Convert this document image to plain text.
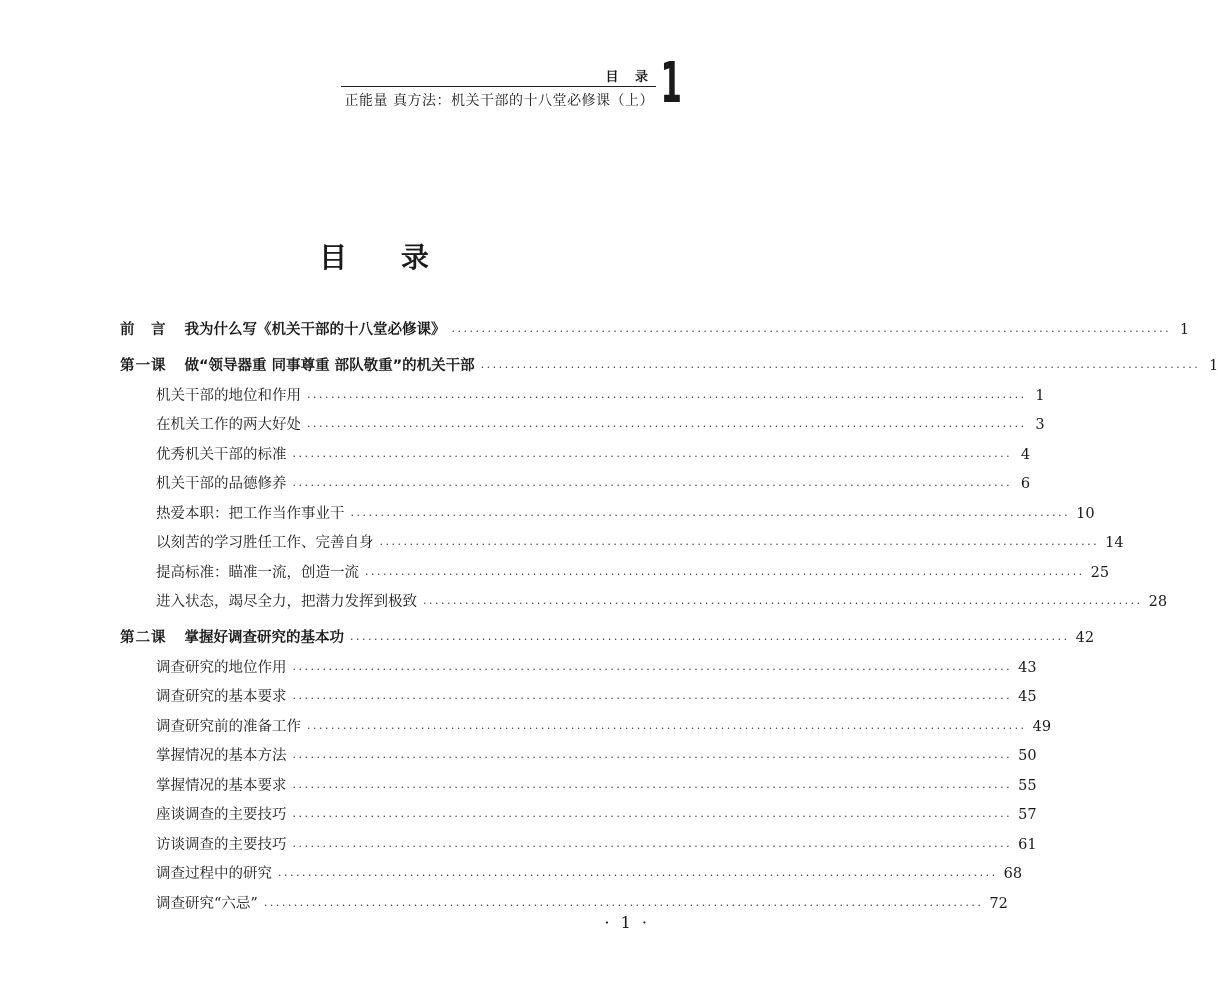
目 录
正能量 真方法：机关干部的十八堂必修课（上） 1
目 录
前　言	我为什么写《机关干部的十八堂必修课》 ························································································································ 1
第一课	做“领导器重 同事尊重 部队敬重”的机关干部 ························································································································ 1
机关干部的地位和作用 ························································································································ 1
在机关工作的两大好处 ························································································································ 3
优秀机关干部的标准 ························································································································ 4
机关干部的品德修养 ························································································································ 6
热爱本职：把工作当作事业干 ························································································································ 10
以刻苦的学习胜任工作、完善自身 ························································································································ 14
提高标准：瞄准一流，创造一流 ························································································································ 25
进入状态，竭尽全力，把潜力发挥到极致 ························································································································ 28
第二课	掌握好调查研究的基本功 ························································································································ 42
调查研究的地位作用 ························································································································ 43
调查研究的基本要求 ························································································································ 45
调查研究前的准备工作 ························································································································ 49
掌握情况的基本方法 ························································································································ 50
掌握情况的基本要求 ························································································································ 55
座谈调查的主要技巧 ························································································································ 57
访谈调查的主要技巧 ························································································································ 61
调查过程中的研究 ························································································································ 68
调查研究“六忌” ························································································································ 72
· 1 ·
